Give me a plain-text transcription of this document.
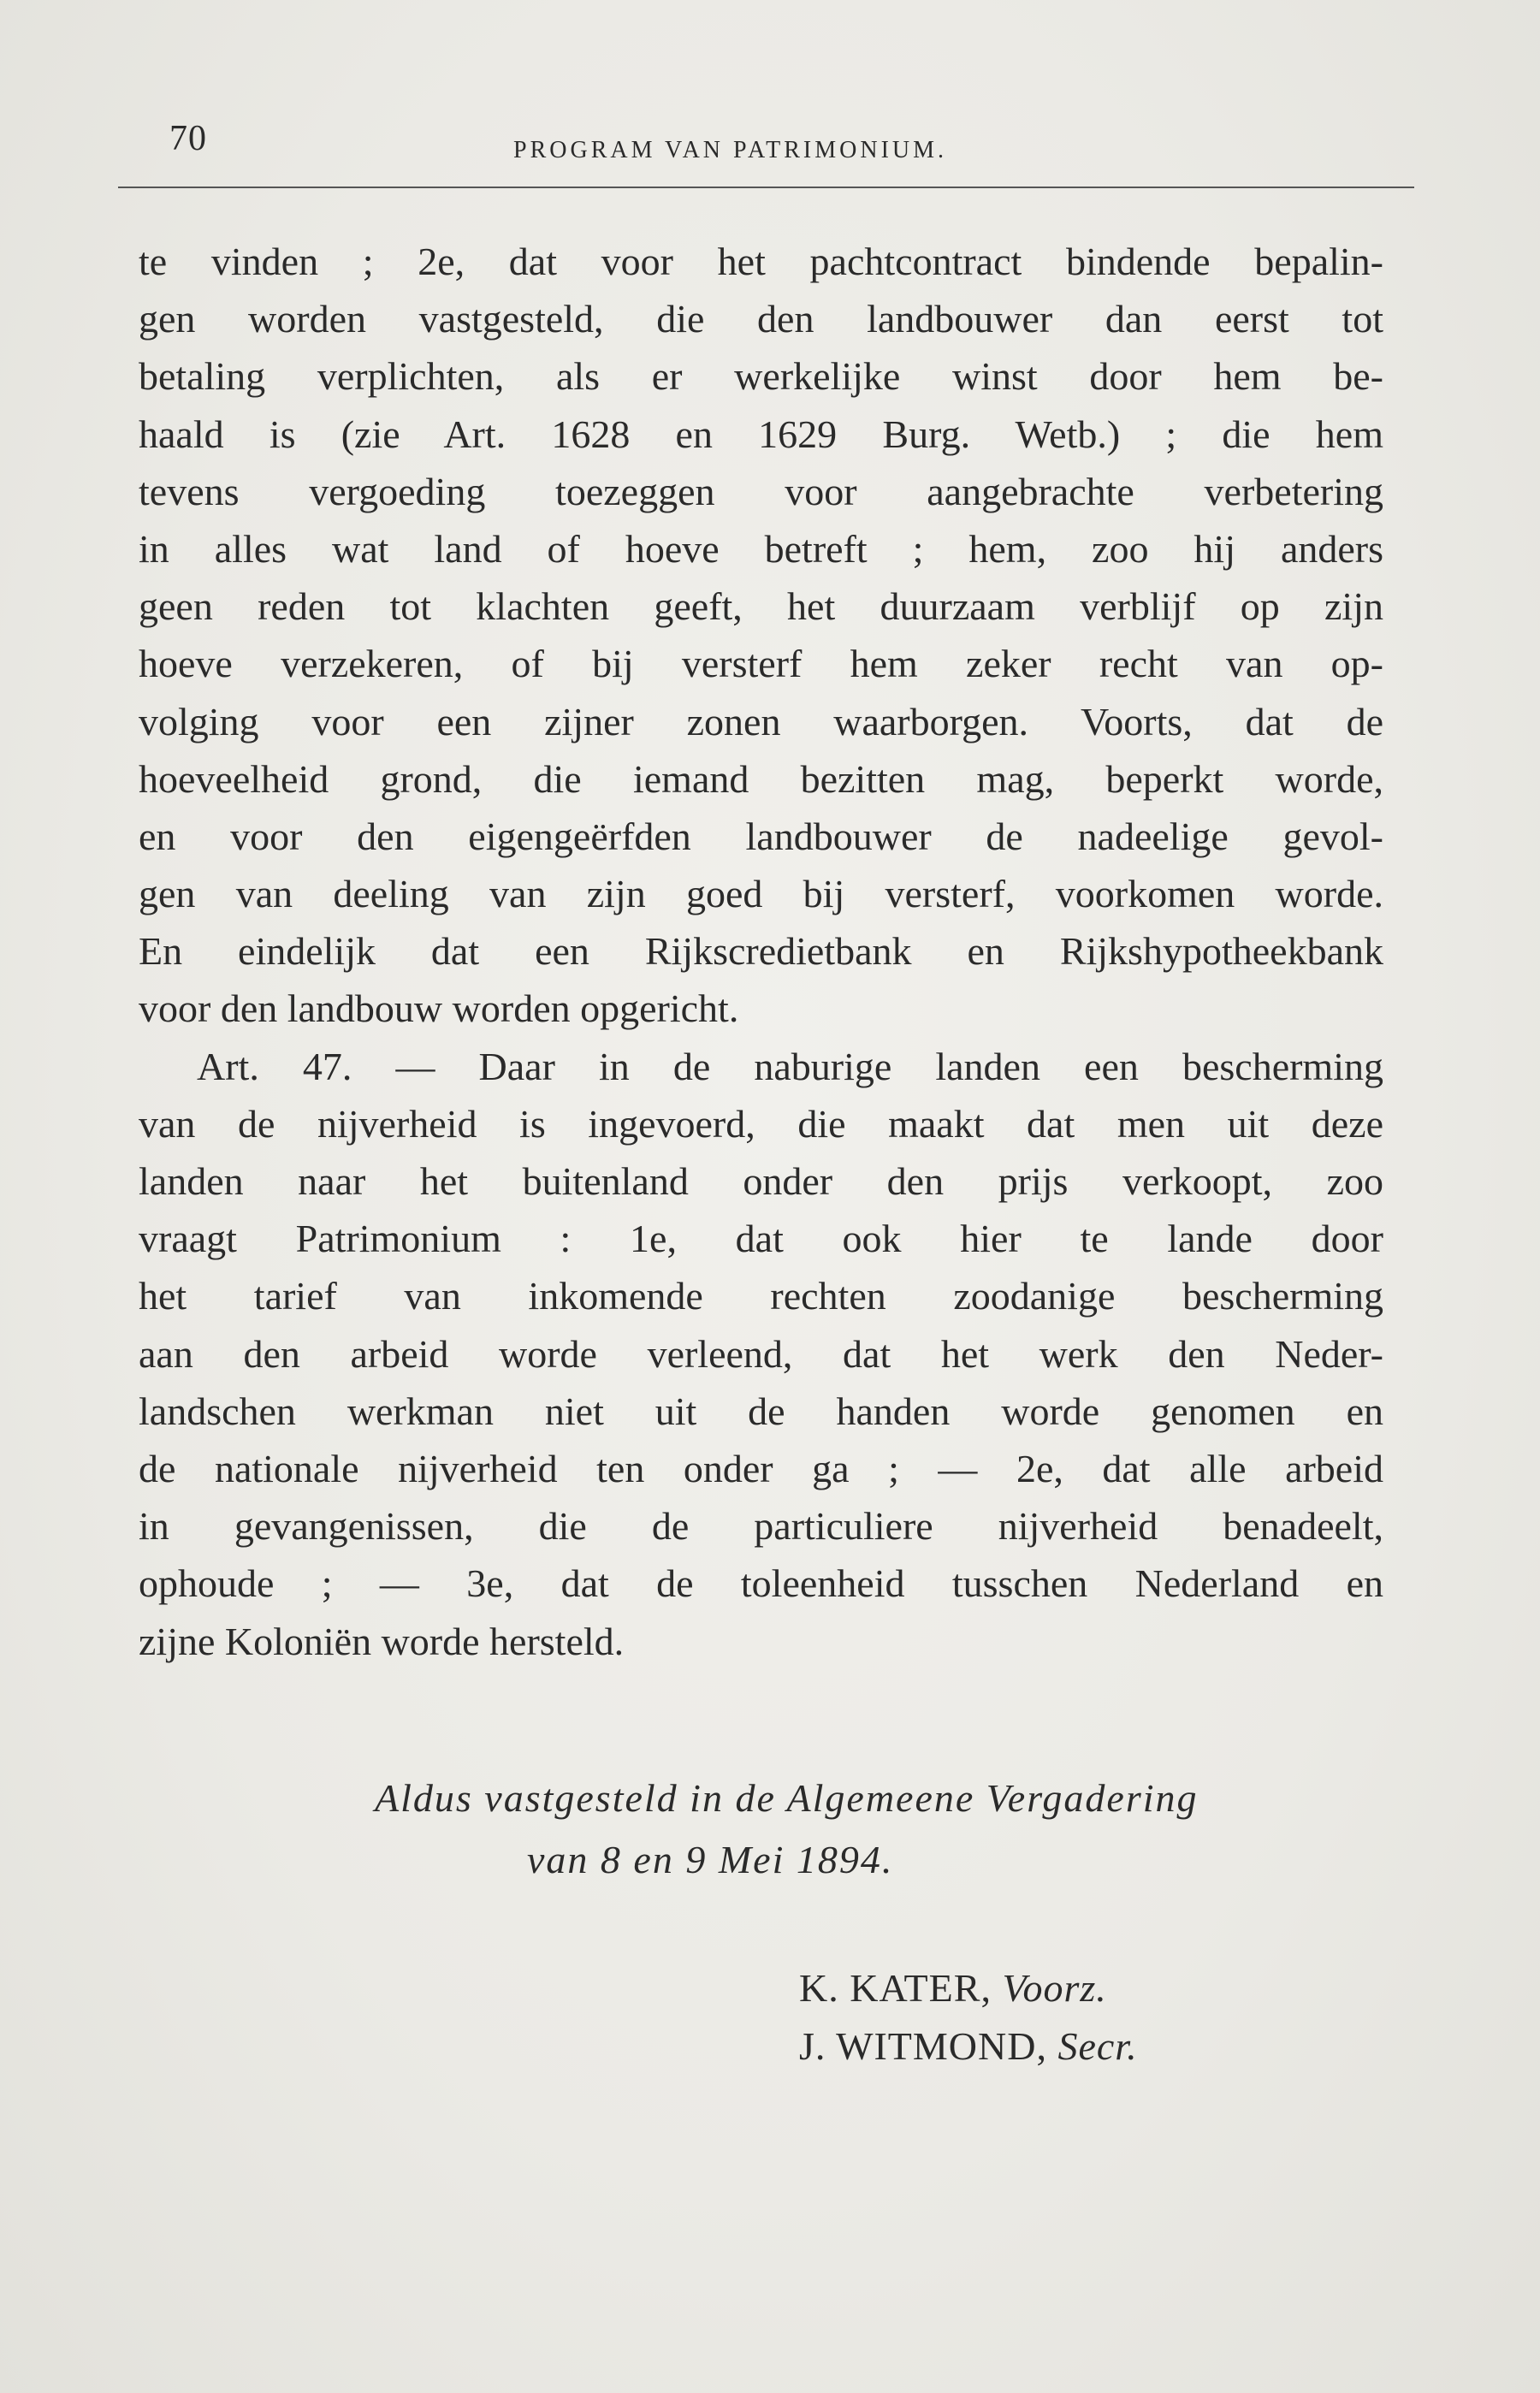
70	PROGRAM VAN PATRIMONIUM.
te vinden ; 2e, dat voor het pachtcontract bindende bepalin-
gen worden vastgesteld, die den landbouwer dan eerst tot
betaling verplichten, als er werkelijke winst door hem be-
haald is (zie Art. 1628 en 1629 Burg. Wetb.) ; die hem
tevens vergoeding toezeggen voor aangebrachte verbetering
in alles wat land of hoeve betreft ; hem, zoo hij anders
geen reden tot klachten geeft, het duurzaam verblijf op zijn
hoeve verzekeren, of bij versterf hem zeker recht van op-
volging voor een zijner zonen waarborgen. Voorts, dat de
hoeveelheid grond, die iemand bezitten mag, beperkt worde,
en voor den eigengeërfden landbouwer de nadeelige gevol-
gen van deeling van zijn goed bij versterf, voorkomen worde.
En eindelijk dat een Rijkscredietbank en Rijkshypotheekbank
voor den landbouw worden opgericht.
Art. 47. — Daar in de naburige landen een bescherming
van de nijverheid is ingevoerd, die maakt dat men uit deze
landen naar het buitenland onder den prijs verkoopt, zoo
vraagt Patrimonium : 1e, dat ook hier te lande door
het tarief van inkomende rechten zoodanige bescherming
aan den arbeid worde verleend, dat het werk den Neder-
landschen werkman niet uit de handen worde genomen en
de nationale nijverheid ten onder ga ; — 2e, dat alle arbeid
in gevangenissen, die de particuliere nijverheid benadeelt,
ophoude ; — 3e, dat de toleenheid tusschen Nederland en
zijne Koloniën worde hersteld.
Aldus vastgesteld in de Algemeene Vergadering
van 8 en 9 Mei 1894.
K. KATER, Voorz.
J. WITMOND, Secr.
